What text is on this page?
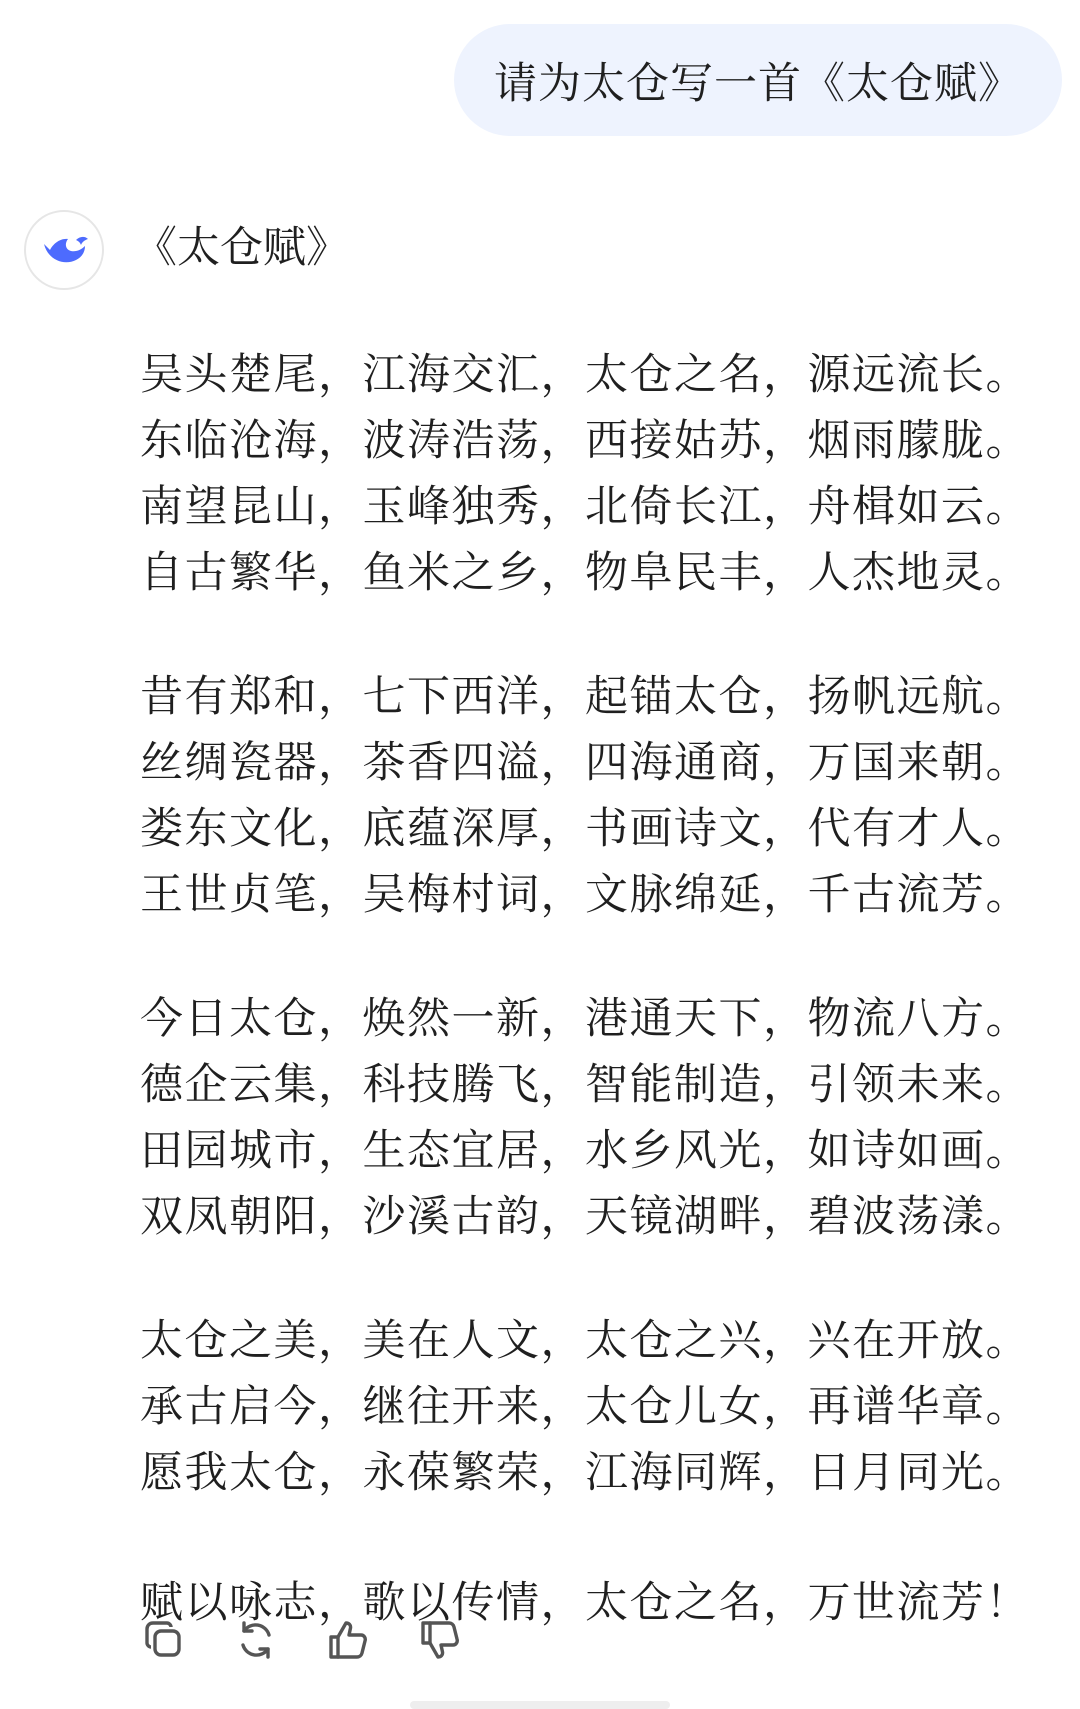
请为太仓写一首《太仓赋》
《太仓赋》
吴头楚尾，江海交汇，太仓之名，源远流长。
东临沧海，波涛浩荡，西接姑苏，烟雨朦胧。
南望昆山，玉峰独秀，北倚长江，舟楫如云。
自古繁华，鱼米之乡，物阜民丰，人杰地灵。
昔有郑和，七下西洋，起锚太仓，扬帆远航。
丝绸瓷器，茶香四溢，四海通商，万国来朝。
娄东文化，底蕴深厚，书画诗文，代有才人。
王世贞笔，吴梅村词，文脉绵延，千古流芳。
今日太仓，焕然一新，港通天下，物流八方。
德企云集，科技腾飞，智能制造，引领未来。
田园城市，生态宜居，水乡风光，如诗如画。
双凤朝阳，沙溪古韵，天镜湖畔，碧波荡漾。
太仓之美，美在人文，太仓之兴，兴在开放。
承古启今，继往开来，太仓儿女，再谱华章。
愿我太仓，永葆繁荣，江海同辉，日月同光。
赋以咏志，歌以传情，太仓之名，万世流芳！
